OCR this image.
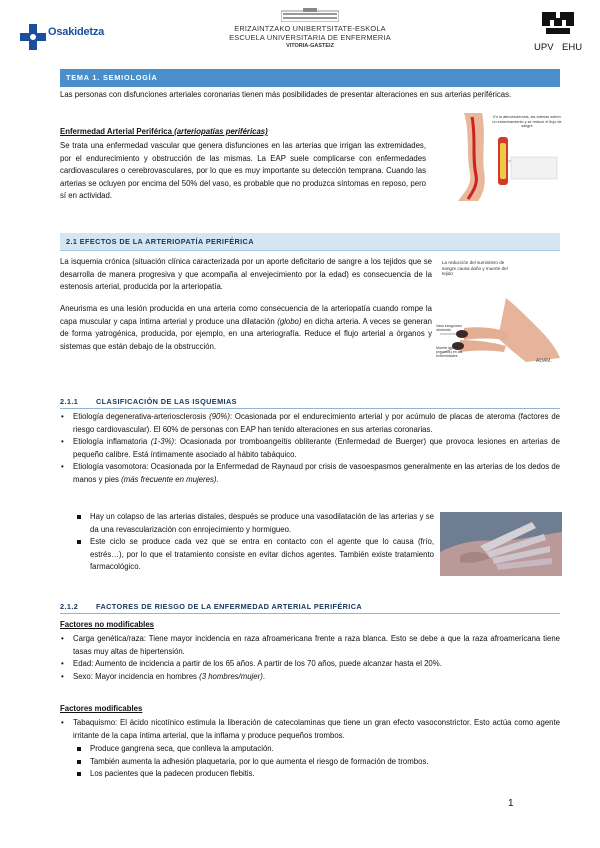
Osakidetza	ERIZAINTZAKO UNIBERTSITATE-ESKOLA
ESCUELA UNIVERSITARIA DE ENFERMERIA
VITORIA-GASTEIZ	UPV EHU
TEMA 1. SEMIOLOGÍA
Las personas con disfunciones arteriales coronarias tienen más posibilidades de presentar alteraciones en sus arterias periféricas.
Enfermedad Arterial Periférica (arteriopatías periféricas)
Se trata una enfermedad vascular que genera disfunciones en las arterias que irrigan las extremidades, por el endurecimiento y obstrucción de las mismas. La EAP suele complicarse con enfermedades cardiovasculares o cerebrovasculares, por lo que es muy importante su detección temprana. Cuando las arterias se ocluyen por encima del 50% del vaso, es probable que no produzca síntomas en reposo, pero sí en actividad.
En la ateroesclerosis, las arterias sufren un estrechamiento y se reduce el flujo de sangre
2.1 EFECTOS DE LA ARTERIOPATÍA PERIFÉRICA
La isquemia crónica (situación clínica caracterizada por un aporte deficitario de sangre a los tejidos que se desarrolla de manera progresiva y que acompaña al envejecimiento por la edad) es consecuencia de la estenosis arterial, producida por la arteriopatía.
Aneurisma es una lesión producida en una arteria como consecuencia de la arteriopatía cuando rompe la capa muscular y capa íntima arterial y produce una dilatación (globo) en dicha arteria. A veces se generan de forma yatrogénica, producida, por ejemplo, en una arteriografía. Reduce el flujo arterial a órganos y sistemas que están debajo de la obstrucción.
La reducción del suministro de sangre causa daño y muerte del tejido
Vaso sanguíneo obstruido
Muerte del tejido (necrosis) en las extremidades
ADAM.
2.1.1 CLASIFICACIÓN DE LAS ISQUEMIAS
• Etiología degenerativa-arteriosclerosis (90%): Ocasionada por el endurecimiento arterial y por acúmulo de placas de ateroma (factores de riesgo cardiovascular). El 60% de personas con EAP han tenido alteraciones en sus arterias coronarias.
• Etiología inflamatoria (1-3%): Ocasionada por tromboangeítis obliterante (Enfermedad de Buerger) que provoca lesiones en arterias de pequeño calibre. Está íntimamente asociado al hábito tabáquico.
• Etiología vasomotora: Ocasionada por la Enfermedad de Raynaud por crisis de vasoespasmos generalmente en las arterias de los dedos de manos y pies (más frecuente en mujeres).
Hay un colapso de las arterias distales, después se produce una vasodilatación de las arterias y se da una revascularización con enrojecimiento y hormigueo.
Este ciclo se produce cada vez que se entra en contacto con el agente que lo causa (frío, estrés…), por lo que el tratamiento consiste en evitar dichos agentes. También existe tratamiento farmacológico.
2.1.2 FACTORES DE RIESGO DE LA ENFERMEDAD ARTERIAL PERIFÉRICA
Factores no modificables
• Carga genética/raza: Tiene mayor incidencia en raza afroamericana frente a raza blanca. Esto se debe a que la raza afroamericana tiene tasas muy altas de hipertensión.
• Edad: Aumento de incidencia a partir de los 65 años. A partir de los 70 años, puede alcanzar hasta el 20%.
• Sexo: Mayor incidencia en hombres (3 hombres/mujer).
Factores modificables
• Tabaquismo: El ácido nicotínico estimula la liberación de catecolaminas que tiene un gran efecto vasoconstrictor. Esto actúa como agente irritante de la capa íntima arterial, que la inflama y produce pequeños trombos.
Produce gangrena seca, que conlleva la amputación.
También aumenta la adhesión plaquetaria, por lo que aumenta el riesgo de formación de trombos.
Los pacientes que la padecen producen flebitis.
1
